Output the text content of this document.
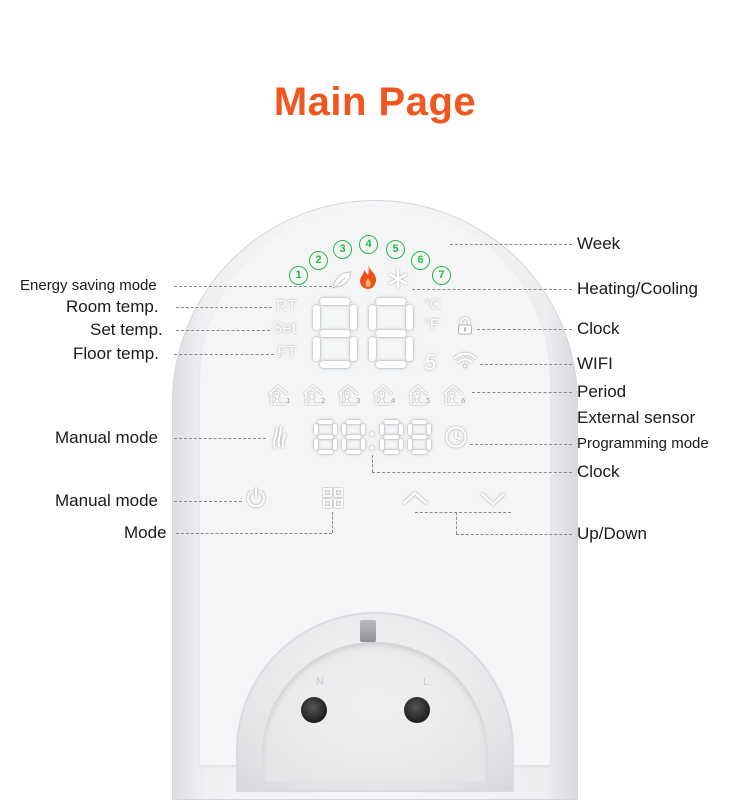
Main Page
1
2
3	4	5
6
7
RT
Set
FT
°C
°F
5
1	2	3	4	5	6
N	L
Energy saving mode
Room temp.
Set temp.
Floor temp.
Manual mode
Manual mode
Mode
Week
Heating/Cooling
Clock
WIFI
Period
External sensor
Programming mode
Clock
Up/Down
